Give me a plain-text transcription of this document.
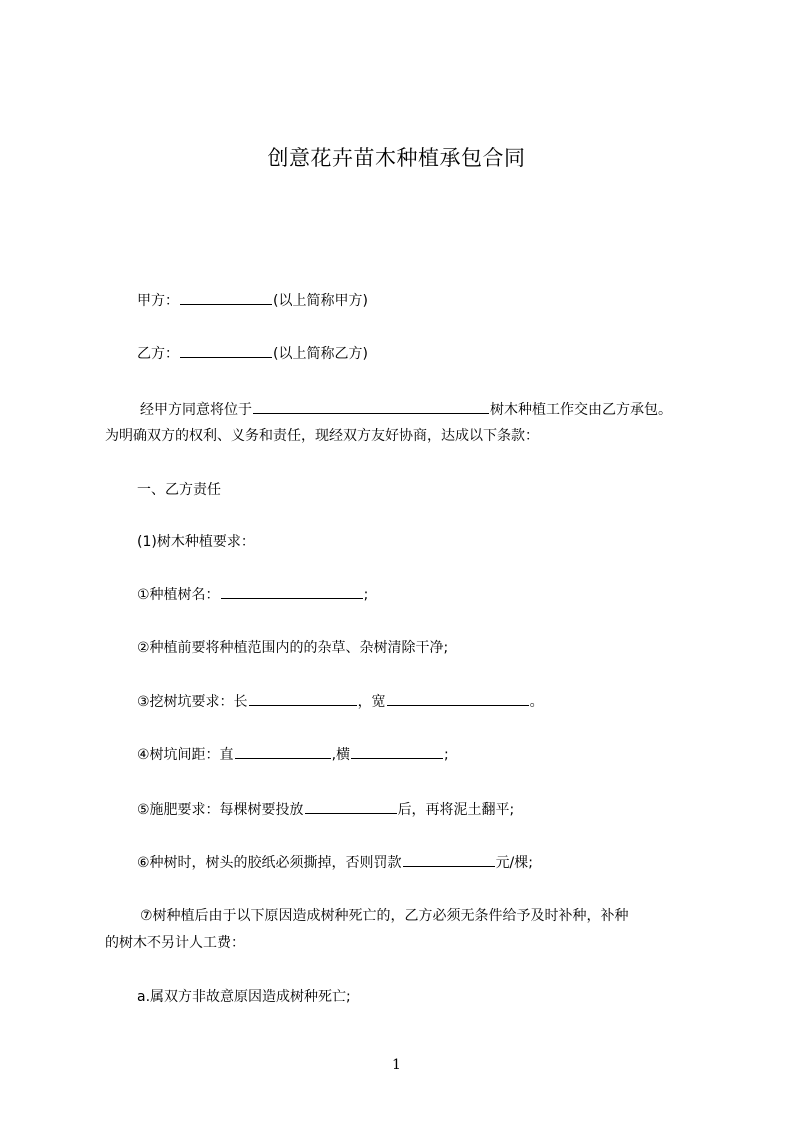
创意花卉苗木种植承包合同
甲方：	(以上简称甲方)
乙方：	(以上简称乙方)
经甲方同意将位于	树木种植工作交由乙方承包。
为明确双方的权利、义务和责任，现经双方友好协商，达成以下条款：
一、乙方责任
(1)树木种植要求：
①种植树名：	;
②种植前要将种植范围内的的杂草、杂树清除干净;
③挖树坑要求：长	，宽	。
④树坑间距：直	,横	;
⑤施肥要求：每棵树要投放	后，再将泥土翻平;
⑥种树时，树头的胶纸必须撕掉，否则罚款	元/棵;
⑦树种植后由于以下原因造成树种死亡的，乙方必须无条件给予及时补种，补种
的树木不另计人工费：
a.属双方非故意原因造成树种死亡;
1
